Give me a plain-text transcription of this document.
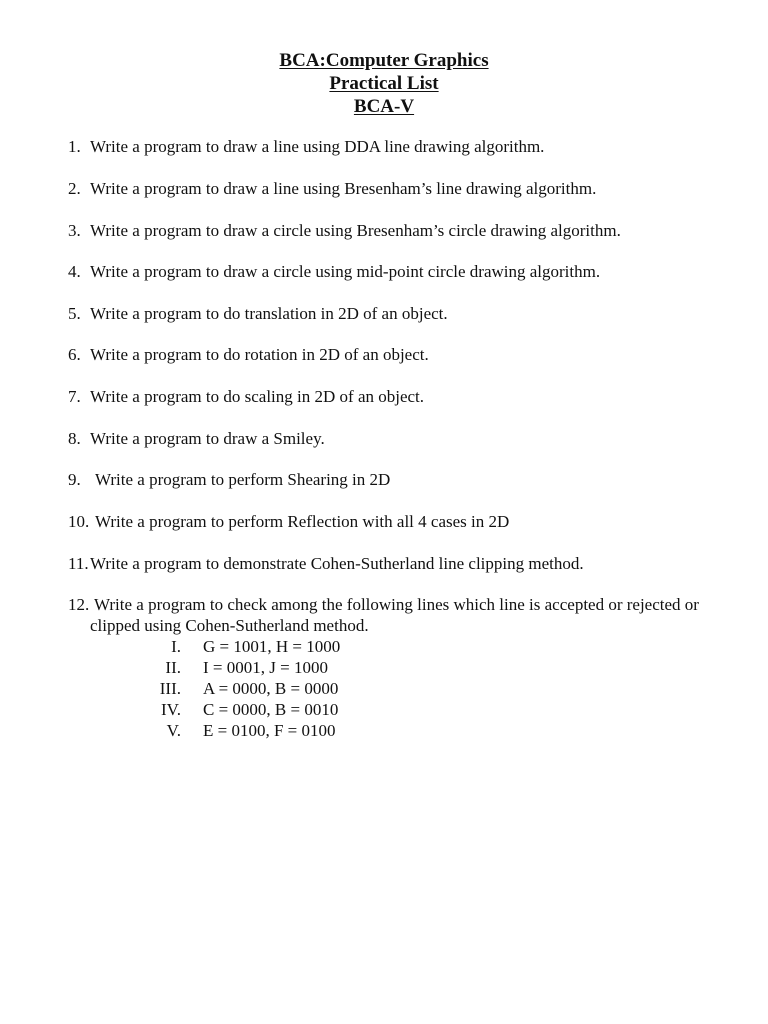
BCA:Computer Graphics
Practical List
BCA-V
1. Write a program to draw a line using DDA line drawing algorithm.
2. Write a program to draw a line using Bresenham’s line drawing algorithm.
3. Write a program to draw a circle using Bresenham’s circle drawing algorithm.
4. Write a program to draw a circle using mid-point circle drawing algorithm.
5. Write a program to do translation in 2D of an object.
6. Write a program to do rotation in 2D of an object.
7. Write a program to do scaling in 2D of an object.
8. Write a program to draw a Smiley.
9. Write a program to perform Shearing in 2D
10. Write a program to perform Reflection with all 4 cases in 2D
11. Write a program to demonstrate Cohen-Sutherland line clipping method.
12. Write a program to check among the following lines which line is accepted or rejected or
clipped using Cohen-Sutherland method.
I. G = 1001, H = 1000
II. I = 0001, J = 1000
III. A = 0000, B = 0000
IV. C = 0000, B = 0010
V. E = 0100, F = 0100
